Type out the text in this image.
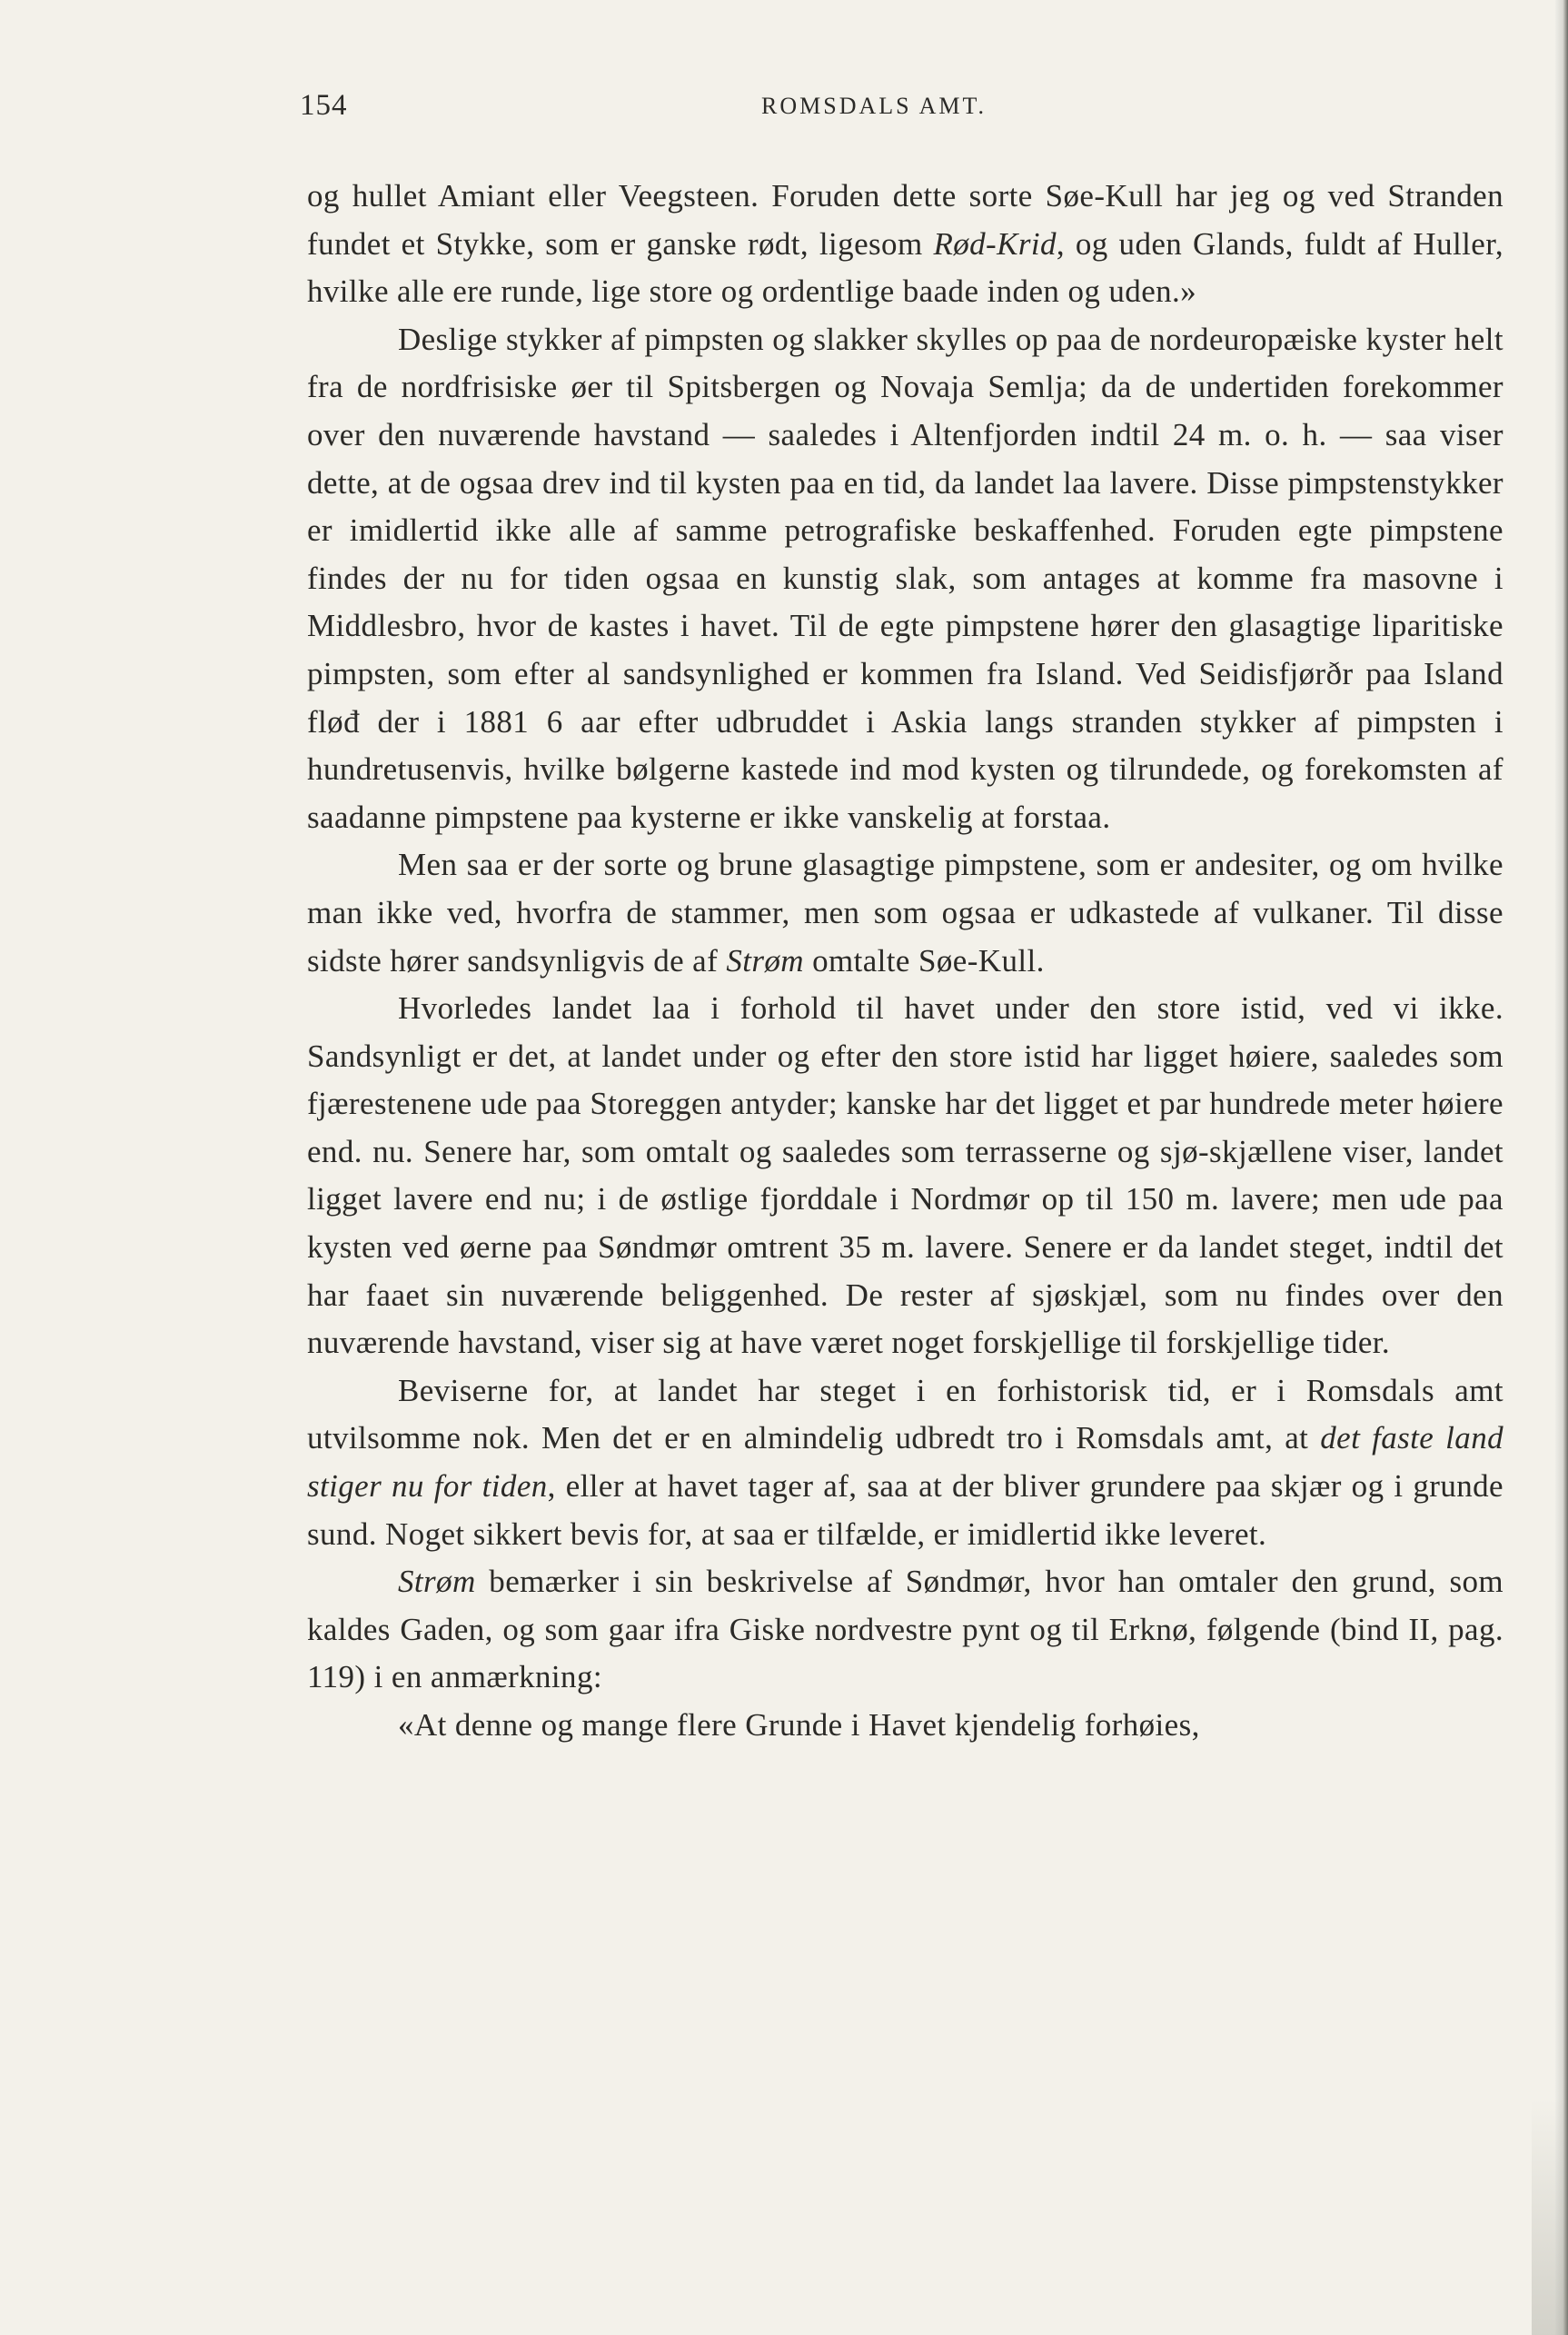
154	ROMSDALS AMT.

og hullet Amiant eller Veegsteen. Foruden dette sorte Søe-Kull har jeg og ved Stranden fundet et Stykke, som er ganske rødt, ligesom Rød-Krid, og uden Glands, fuldt af Huller, hvilke alle ere runde, lige store og ordentlige baade inden og uden.»

Deslige stykker af pimpsten og slakker skylles op paa de nordeuropæiske kyster helt fra de nordfrisiske øer til Spitsbergen og Novaja Semlja; da de undertiden forekommer over den nuværende havstand — saaledes i Altenfjorden indtil 24 m. o. h. — saa viser dette, at de ogsaa drev ind til kysten paa en tid, da landet laa lavere. Disse pimpstenstykker er imidlertid ikke alle af samme petrografiske beskaffenhed. Foruden egte pimpstene findes der nu for tiden ogsaa en kunstig slak, som antages at komme fra masovne i Middlesbro, hvor de kastes i havet. Til de egte pimpstene hører den glasagtige liparitiske pimpsten, som efter al sandsynlighed er kommen fra Island. Ved Seidisfjørðr paa Island fløđ der i 1881 6 aar efter udbruddet i Askia langs stranden stykker af pimpsten i hundretusenvis, hvilke bølgerne kastede ind mod kysten og tilrundede, og forekomsten af saadanne pimpstene paa kysterne er ikke vanskelig at forstaa.

Men saa er der sorte og brune glasagtige pimpstene, som er andesiter, og om hvilke man ikke ved, hvorfra de stammer, men som ogsaa er udkastede af vulkaner. Til disse sidste hører sandsynligvis de af Strøm omtalte Søe-Kull.

Hvorledes landet laa i forhold til havet under den store istid, ved vi ikke. Sandsynligt er det, at landet under og efter den store istid har ligget høiere, saaledes som fjærestenene ude paa Storeggen antyder; kanske har det ligget et par hundrede meter høiere end. nu. Senere har, som omtalt og saaledes som terrasserne og sjø-skjællene viser, landet ligget lavere end nu; i de østlige fjorddale i Nordmør op til 150 m. lavere; men ude paa kysten ved øerne paa Søndmør omtrent 35 m. lavere. Senere er da landet steget, indtil det har faaet sin nuværende beliggenhed. De rester af sjøskjæl, som nu findes over den nuværende havstand, viser sig at have været noget forskjellige til forskjellige tider.

Beviserne for, at landet har steget i en forhistorisk tid, er i Romsdals amt utvilsomme nok. Men det er en almindelig udbredt tro i Romsdals amt, at det faste land stiger nu for tiden, eller at havet tager af, saa at der bliver grundere paa skjær og i grunde sund. Noget sikkert bevis for, at saa er tilfælde, er imidlertid ikke leveret.

Strøm bemærker i sin beskrivelse af Søndmør, hvor han omtaler den grund, som kaldes Gaden, og som gaar ifra Giske nordvestre pynt og til Erknø, følgende (bind II, pag. 119) i en anmærkning:

«At denne og mange flere Grunde i Havet kjendelig forhøies,
